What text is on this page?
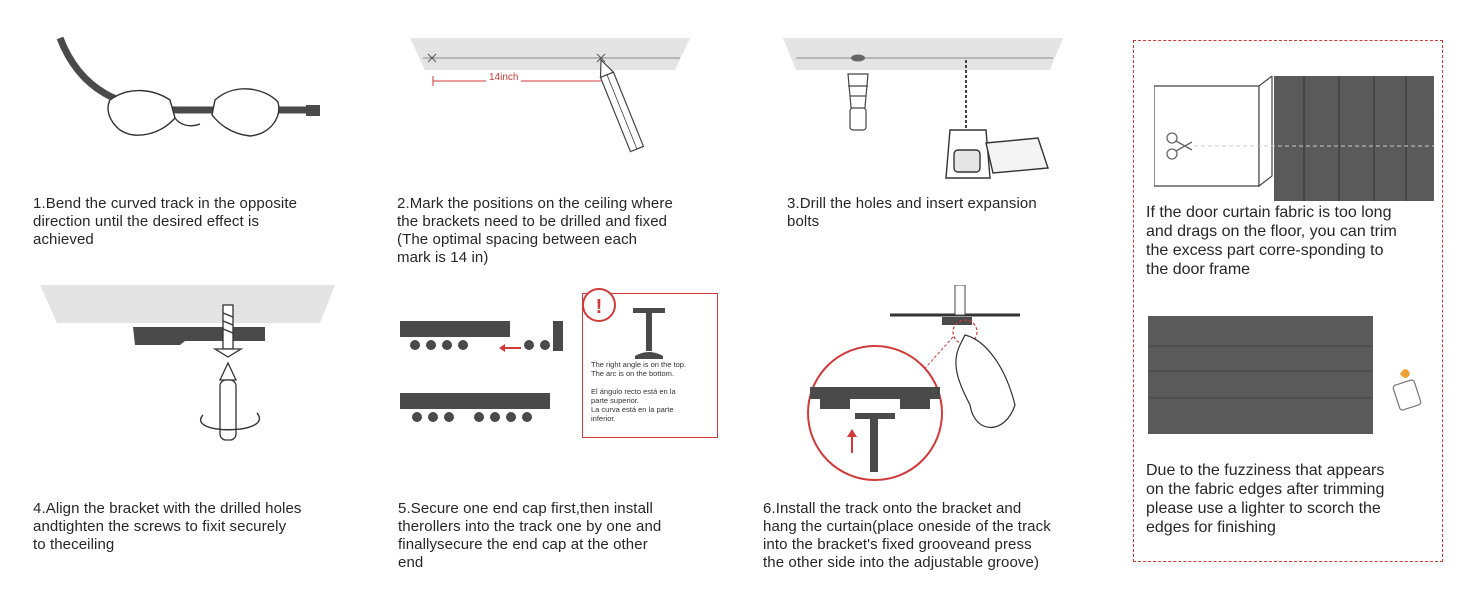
1.Bend the curved track in the opposite
direction until the desired effect is
achieved
14inch
2.Mark the positions on the ceiling where
the brackets need to be drilled and fixed
(The optimal spacing between each
mark is 14 in)
3.Drill the holes and insert expansion
bolts
4.Align the bracket with the drilled holes
andtighten the screws to fixit securely
to theceiling
!
The right angle is on the top.
The arc is on the bottom.

El ángulo recto está en la
parte superior.
La curva está en la parte
inferior.
5.Secure one end cap first,then install
therollers into the track one by one and
finallysecure the end cap at the other
end
6.Install the track onto the bracket and
hang the curtain(place oneside of the track
into the bracket's fixed grooveand press
the other side into the adjustable groove)
If the door curtain fabric is too long
and drags on the floor, you can trim
the excess part corre-sponding to
the door frame
Due to the fuzziness that appears
on the fabric edges after trimming
please use a lighter to scorch the
edges for finishing
